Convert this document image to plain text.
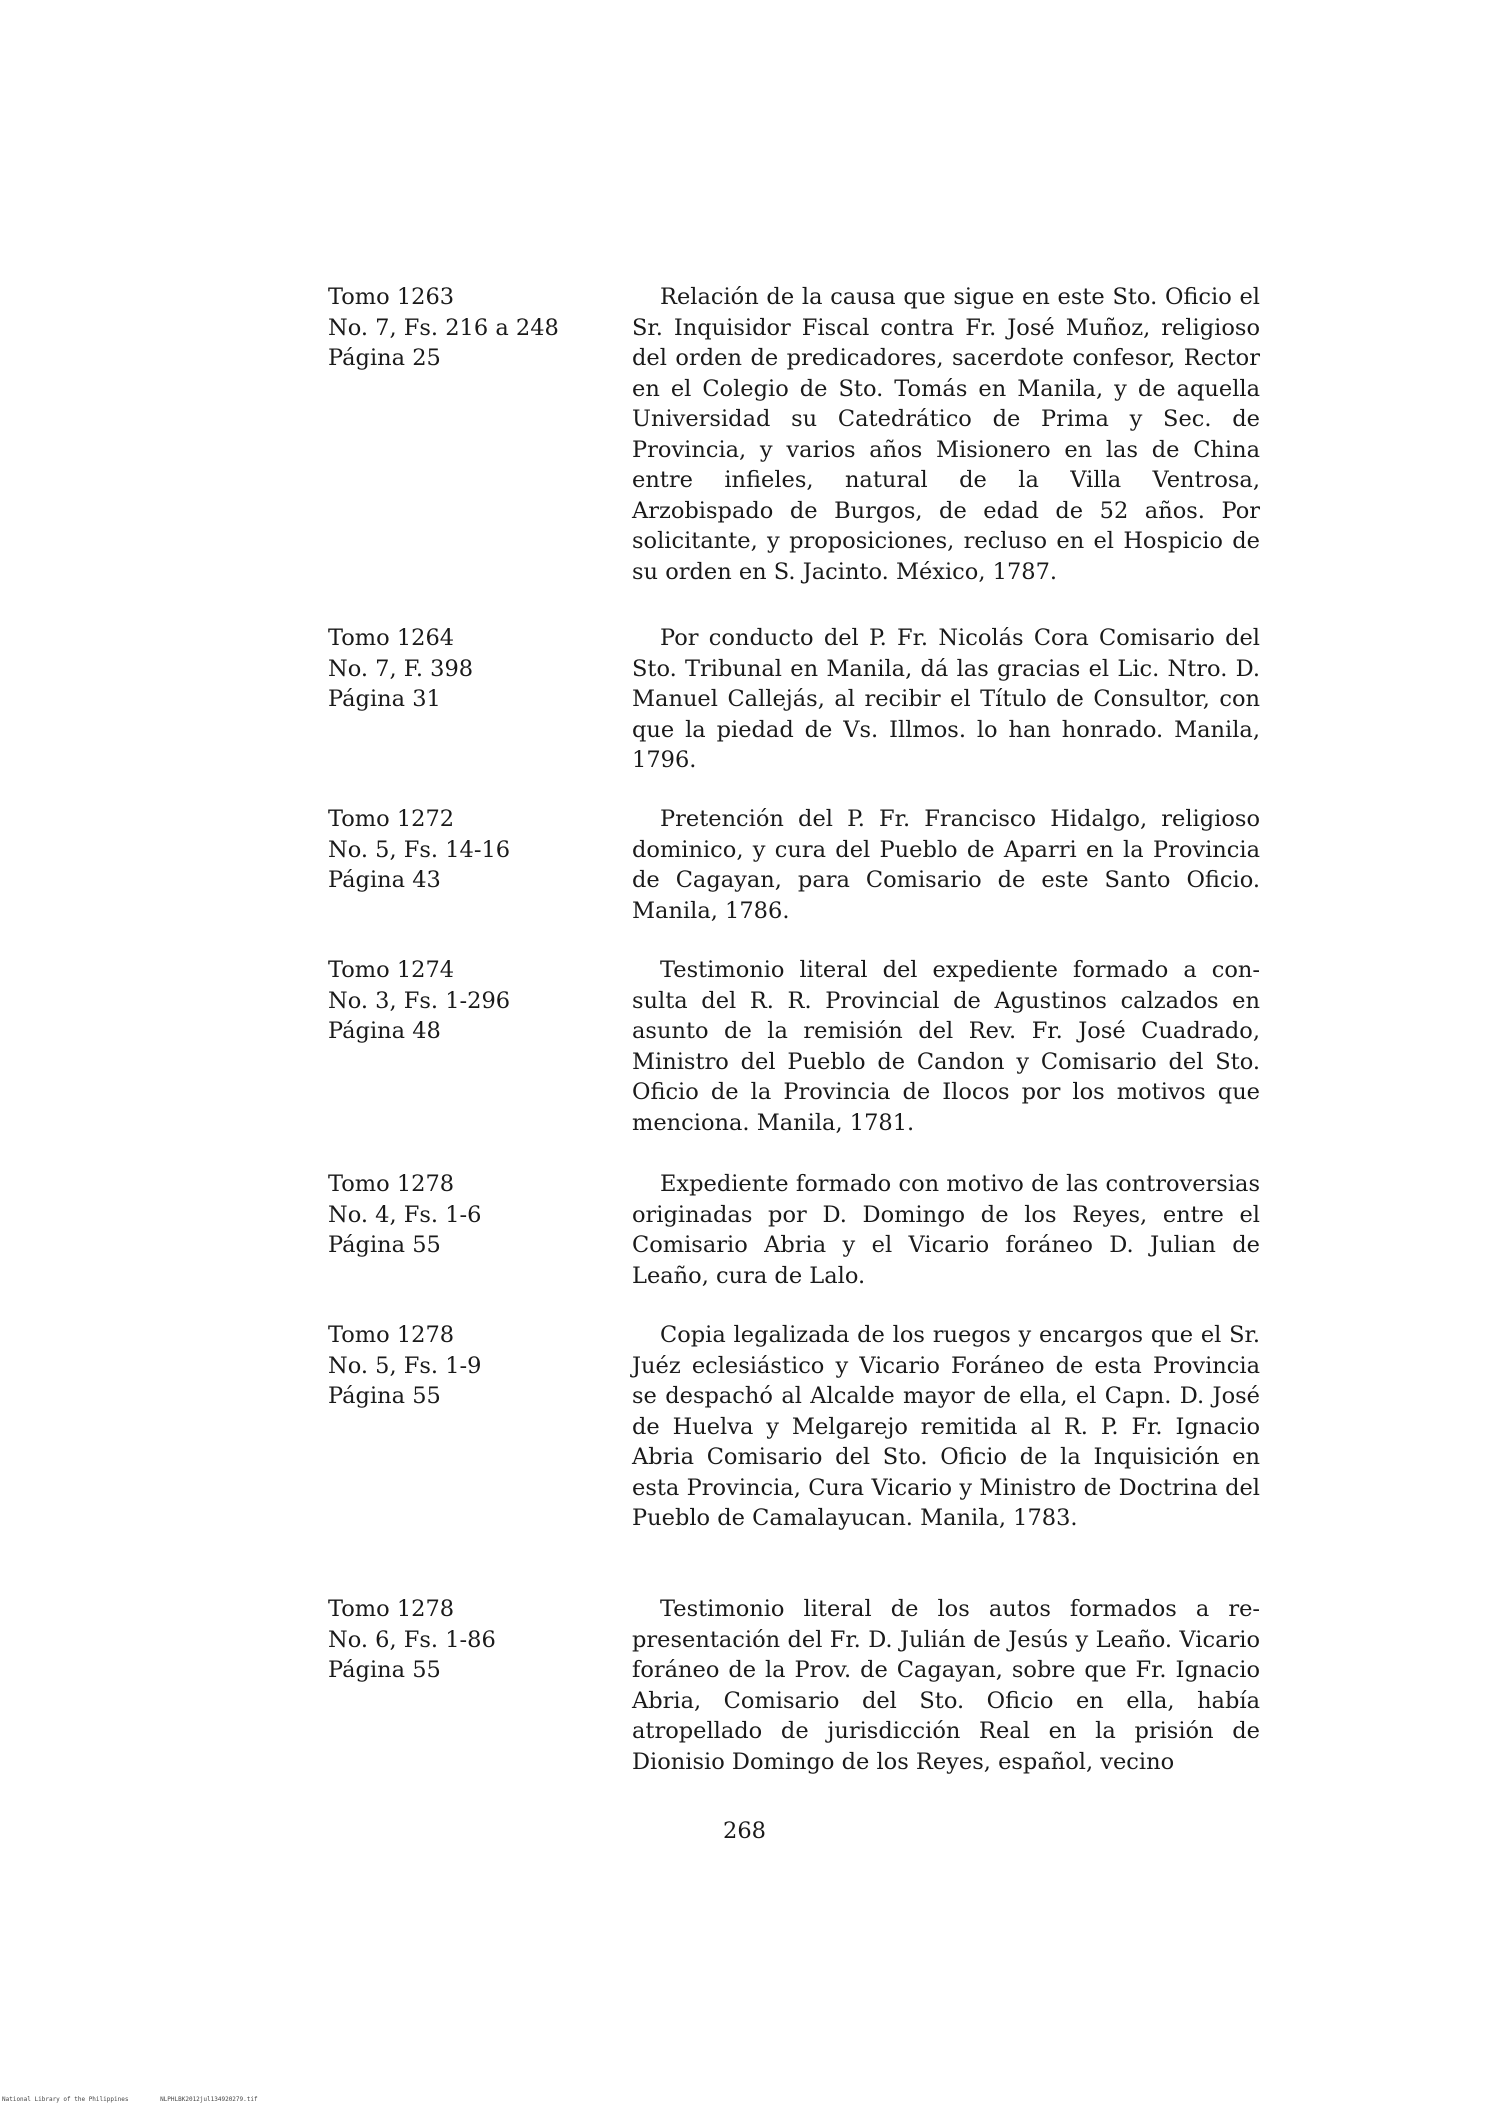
Tomo 1263
No. 7, Fs. 216 a 248
Página 25
Relación de la causa que sigue en este Sto. Oficio el Sr. Inquisidor Fiscal contra Fr. José Muñoz, religioso del orden de predicadores, sacerdote confesor, Rector en el Colegio de Sto. Tomás en Manila, y de aquella Universidad su Catedrático de Prima y Sec. de Provincia, y varios años Misionero en las de China entre infieles, natural de la Villa Ventrosa, Arzobispado de Burgos, de edad de 52 años. Por solicitante, y proposiciones, recluso en el Hospicio de su orden en S. Jacinto. México, 1787.
Tomo 1264
No. 7, F. 398
Página 31
Por conducto del P. Fr. Nicolás Cora Comisario del Sto. Tribunal en Manila, dá las gracias el Lic. Ntro. D. Manuel Callejás, al recibir el Título de Consultor, con que la piedad de Vs. Illmos. lo han honrado. Manila, 1796.
Tomo 1272
No. 5, Fs. 14-16
Página 43
Pretención del P. Fr. Francisco Hidalgo, religioso dominico, y cura del Pueblo de Aparri en la Provincia de Cagayan, para Comisario de este Santo Oficio. Manila, 1786.
Tomo 1274
No. 3, Fs. 1-296
Página 48
Testimonio literal del expediente formado a consulta del R. R. Provincial de Agustinos calzados en asunto de la remisión del Rev. Fr. José Cuadrado, Ministro del Pueblo de Candon y Comisario del Sto. Oficio de la Provincia de Ilocos por los motivos que menciona. Manila, 1781.
Tomo 1278
No. 4, Fs. 1-6
Página 55
Expediente formado con motivo de las controversias originadas por D. Domingo de los Reyes, entre el Comisario Abria y el Vicario foráneo D. Julian de Leaño, cura de Lalo.
Tomo 1278
No. 5, Fs. 1-9
Página 55
Copia legalizada de los ruegos y encargos que el Sr. Juéz eclesiástico y Vicario Foráneo de esta Provincia se despachó al Alcalde mayor de ella, el Capn. D. José de Huelva y Melgarejo remitida al R. P. Fr. Ignacio Abria Comisario del Sto. Oficio de la Inquisición en esta Provincia, Cura Vicario y Ministro de Doctrina del Pueblo de Camalayucan. Manila, 1783.
Tomo 1278
No. 6, Fs. 1-86
Página 55
Testimonio literal de los autos formados a representación del Fr. D. Julián de Jesús y Leaño. Vicario foráneo de la Prov. de Cagayan, sobre que Fr. Ignacio Abria, Comisario del Sto. Oficio en ella, había atropellado de jurisdicción Real en la prisión de Dionisio Domingo de los Reyes, español, vecino
268
National Library of the Philippines	NLPHLBK2012jul134920279.tif
